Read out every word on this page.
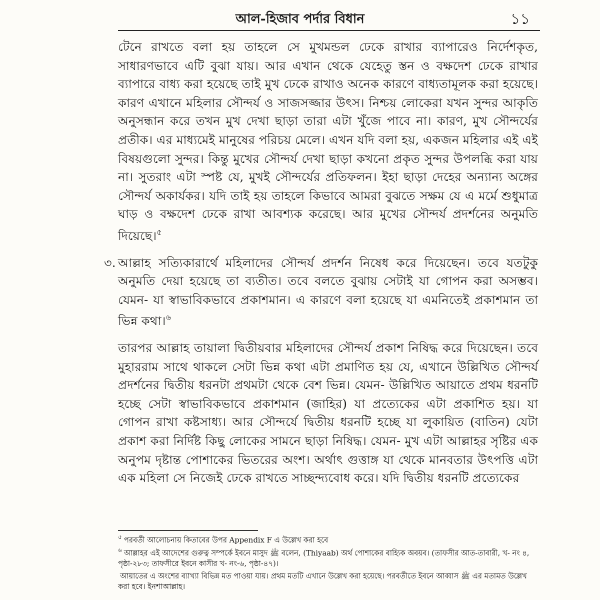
আল-হিজাব পর্দার বিধান	১১

টেনে রাখতে বলা হয় তাহলে সে মুখমন্ডল ঢেকে রাখার ব্যাপারেও নির্দেশকৃত, সাধারণভাবে এটি বুঝা যায়। আর এখান থেকে যেহেতু স্তন ও বক্ষদেশ ঢেকে রাখার ব্যাপারে বাধ্য করা হয়েছে তাই মুখ ঢেকে রাখাও অনেক কারণে বাধ্যতামূলক করা হয়েছে। কারণ এখানে মহিলার সৌন্দর্য ও সাজসজ্জার উৎস। নিশ্চয় লোকেরা যখন সুন্দর আকৃতি অনুসন্ধান করে তখন মুখ দেখা ছাড়া তারা এটা খুঁজে পাবে না। কারণ, মুখ সৌন্দর্যের প্রতীক। এর মাধ্যমেই মানুষের পরিচয় মেলে। এখন যদি বলা হয়, একজন মহিলার এই এই বিষয়গুলো সুন্দর। কিন্তু মুখের সৌন্দর্য দেখা ছাড়া কখনো প্রকৃত সুন্দর উপলব্ধি করা যায় না। সুতরাং এটা স্পষ্ট যে, মুখই সৌন্দর্যের প্রতিফলন। ইহা ছাড়া দেহের অন্যান্য অঙ্গের সৌন্দর্য অকার্যকর। যদি তাই হয় তাহলে কিভাবে আমরা বুঝতে সক্ষম যে এ মর্মে শুধুমাত্র ঘাড় ও বক্ষদেশ ঢেকে রাখা আবশ্যক করেছে। আর মুখের সৌন্দর্য প্রদর্শনের অনুমতি দিয়েছে।$^৫$

৩. আল্লাহ সত্যিকারার্থে মহিলাদের সৌন্দর্য প্রদর্শন নিষেধ করে দিয়েছেন। তবে যতটুকু অনুমতি দেয়া হয়েছে তা ব্যতীত। তবে বলতে বুঝায় সেটাই যা গোপন করা অসম্ভব। যেমন- যা স্বাভাবিকভাবে প্রকাশমান। এ কারণে বলা হয়েছে যা এমনিতেই প্রকাশমান তা ভিন্ন কথা।$^৬$

তারপর আল্লাহ তায়ালা দ্বিতীয়বার মহিলাদের সৌন্দর্য প্রকাশ নিষিদ্ধ করে দিয়েছেন। তবে মুহাররাম সাথে থাকলে সেটা ভিন্ন কথা এটা প্রমাণিত হয় যে, এখানে উল্লিখিত সৌন্দর্য প্রদর্শনের দ্বিতীয় ধরনটা প্রথমটা থেকে বেশ ভিন্ন। যেমন- উল্লিখিত আয়াতে প্রথম ধরনটি হচ্ছে সেটা স্বাভাবিকভাবে প্রকাশমান (জাহির) যা প্রত্যেকের এটা প্রকাশিত হয়। যা গোপন রাখা কষ্টসাধ্য। আর সৌন্দর্যে দ্বিতীয় ধরনটি হচ্ছে যা লুকায়িত (বাতিন) যেটা প্রকাশ করা নির্দিষ্ট কিছু লোকের সামনে ছাড়া নিষিদ্ধ। যেমন- মুখ এটা আল্লাহর সৃষ্টির এক অনুপম দৃষ্টান্ত পোশাকের ভিতরের অংশ। অর্থাৎ গুত্তাঙ্গ যা থেকে মানবতার উৎপত্তি এটা এক মহিলা সে নিজেই ঢেকে রাখতে সাচ্ছন্দ্যবোধ করে। যদি দ্বিতীয় ধরনটি প্রত্যেকের

$^৫$ পরবর্তী আলোচনায় কিতাবের উপর Appendix F এ উল্লেখ করা হবে

$^৬$ আল্লাহর এই আদেশের গুরুত্ব সম্পর্কে ইবনে মাসুদ ﷺ বলেন, (Thiyaab) অর্থ পোশাকের বাহ্যিক অবয়ব। (তাফসীর আত-তাবারী, খ- নং ৪, পৃষ্ঠা-২৮৩; তাফসীরে ইবনে কাসীর খ- নং-৬, পৃষ্ঠা-৪৭)।

আয়াতের এ অংশের ব্যাখ্যা বিভিন্ন মত পাওয়া যায়। প্রথম মতটি এখানে উল্লেখ করা হয়েছে। পরবর্তীতে ইবনে আব্বাস ﷺ এর মতামত উল্লেখ করা হবে। ইনশাআল্লাহ।
